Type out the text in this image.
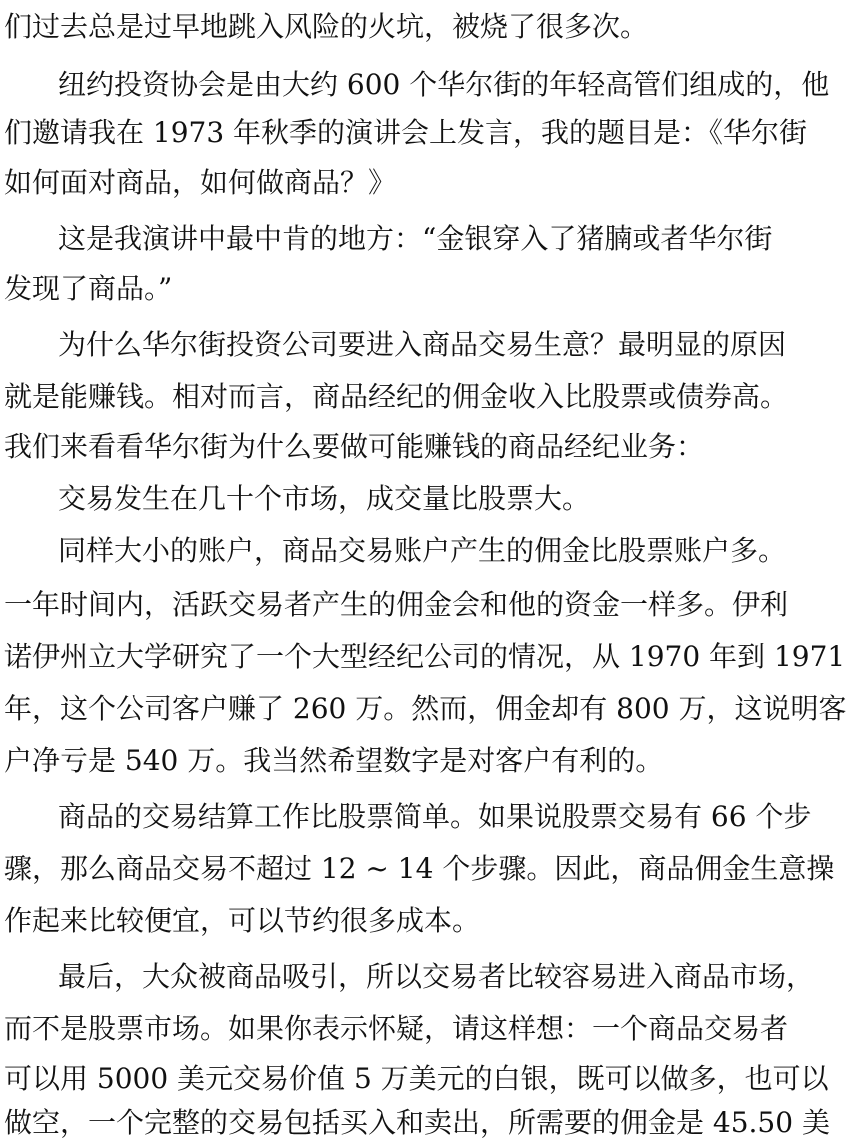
们过去总是过早地跳入风险的火坑，被烧了很多次。
纽约投资协会是由大约 600 个华尔街的年轻高管们组成的，他
们邀请我在 1973 年秋季的演讲会上发言，我的题目是：《华尔街
如何面对商品，如何做商品？》
这是我演讲中最中肯的地方：“金银穿入了猪腩或者华尔街
发现了商品。”
为什么华尔街投资公司要进入商品交易生意？最明显的原因
就是能赚钱。相对而言，商品经纪的佣金收入比股票或债券高。
我们来看看华尔街为什么要做可能赚钱的商品经纪业务：
交易发生在几十个市场，成交量比股票大。
同样大小的账户，商品交易账户产生的佣金比股票账户多。
一年时间内，活跃交易者产生的佣金会和他的资金一样多。伊利
诺伊州立大学研究了一个大型经纪公司的情况，从 1970 年到 1971
年，这个公司客户赚了 260 万。然而，佣金却有 800 万，这说明客
户净亏是 540 万。我当然希望数字是对客户有利的。
商品的交易结算工作比股票简单。如果说股票交易有 66 个步
骤，那么商品交易不超过 12 ~ 14 个步骤。因此，商品佣金生意操
作起来比较便宜，可以节约很多成本。
最后，大众被商品吸引，所以交易者比较容易进入商品市场，
而不是股票市场。如果你表示怀疑，请这样想：一个商品交易者
可以用 5000 美元交易价值 5 万美元的白银，既可以做多，也可以
做空，一个完整的交易包括买入和卖出，所需要的佣金是 45.50 美
